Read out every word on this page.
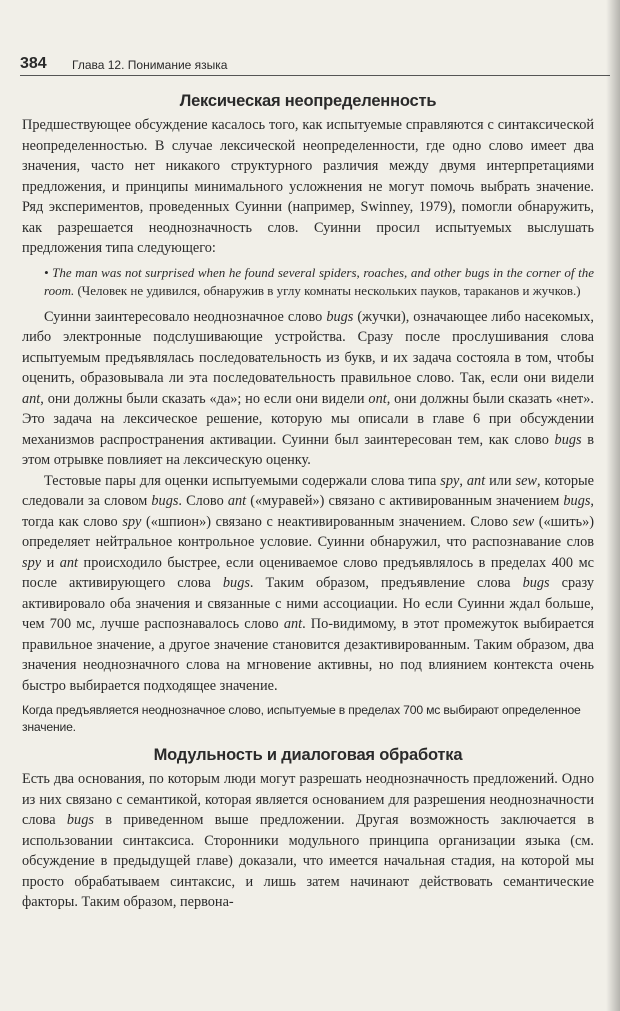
384 Глава 12. Понимание языка
Лексическая неопределенность

Предшествующее обсуждение касалось того, как испытуемые справляются с синтаксической неопределенностью. В случае лексической неопределенности, где одно слово имеет два значения, часто нет никакого структурного различия между двумя интерпретациями предложения, и принципы минимального усложнения не могут помочь выбрать значение. Ряд экспериментов, проведенных Суинни (например, Swinney, 1979), помогли обнаружить, как разрешается неоднозначность слов. Суинни просил испытуемых выслушать предложения типа следующего:

• The man was not surprised when he found several spiders, roaches, and other bugs in the corner of the room. (Человек не удивился, обнаружив в углу комнаты нескольких пауков, тараканов и жучков.)

Суинни заинтересовало неоднозначное слово bugs (жучки), означающее либо насекомых, либо электронные подслушивающие устройства. Сразу после прослушивания слова испытуемым предъявлялась последовательность из букв, и их задача состояла в том, чтобы оценить, образовывала ли эта последовательность правильное слово. Так, если они видели ant, они должны были сказать «да»; но если они видели ont, они должны были сказать «нет». Это задача на лексическое решение, которую мы описали в главе 6 при обсуждении механизмов распространения активации. Суинни был заинтересован тем, как слово bugs в этом отрывке повлияет на лексическую оценку.

Тестовые пары для оценки испытуемыми содержали слова типа spy, ant или sew, которые следовали за словом bugs. Слово ant («муравей») связано с активированным значением bugs, тогда как слово spy («шпион») связано с неактивированным значением. Слово sew («шить») определяет нейтральное контрольное условие. Суинни обнаружил, что распознавание слов spy и ant происходило быстрее, если оцениваемое слово предъявлялось в пределах 400 мс после активирующего слова bugs. Таким образом, предъявление слова bugs сразу активировало оба значения и связанные с ними ассоциации. Но если Суинни ждал больше, чем 700 мс, лучше распознавалось слово ant. По-видимому, в этот промежуток выбирается правильное значение, а другое значение становится дезактивированным. Таким образом, два значения неоднозначного слова на мгновение активны, но под влиянием контекста очень быстро выбирается подходящее значение.

Когда предъявляется неоднозначное слово, испытуемые в пределах 700 мс выбирают определенное значение.
Модульность и диалоговая обработка

Есть два основания, по которым люди могут разрешать неоднозначность предложений. Одно из них связано с семантикой, которая является основанием для разрешения неоднозначности слова bugs в приведенном выше предложении. Другая возможность заключается в использовании синтаксиса. Сторонники модульного принципа организации языка (см. обсуждение в предыдущей главе) доказали, что имеется начальная стадия, на которой мы просто обрабатываем синтаксис, и лишь затем начинают действовать семантические факторы. Таким образом, первона-
